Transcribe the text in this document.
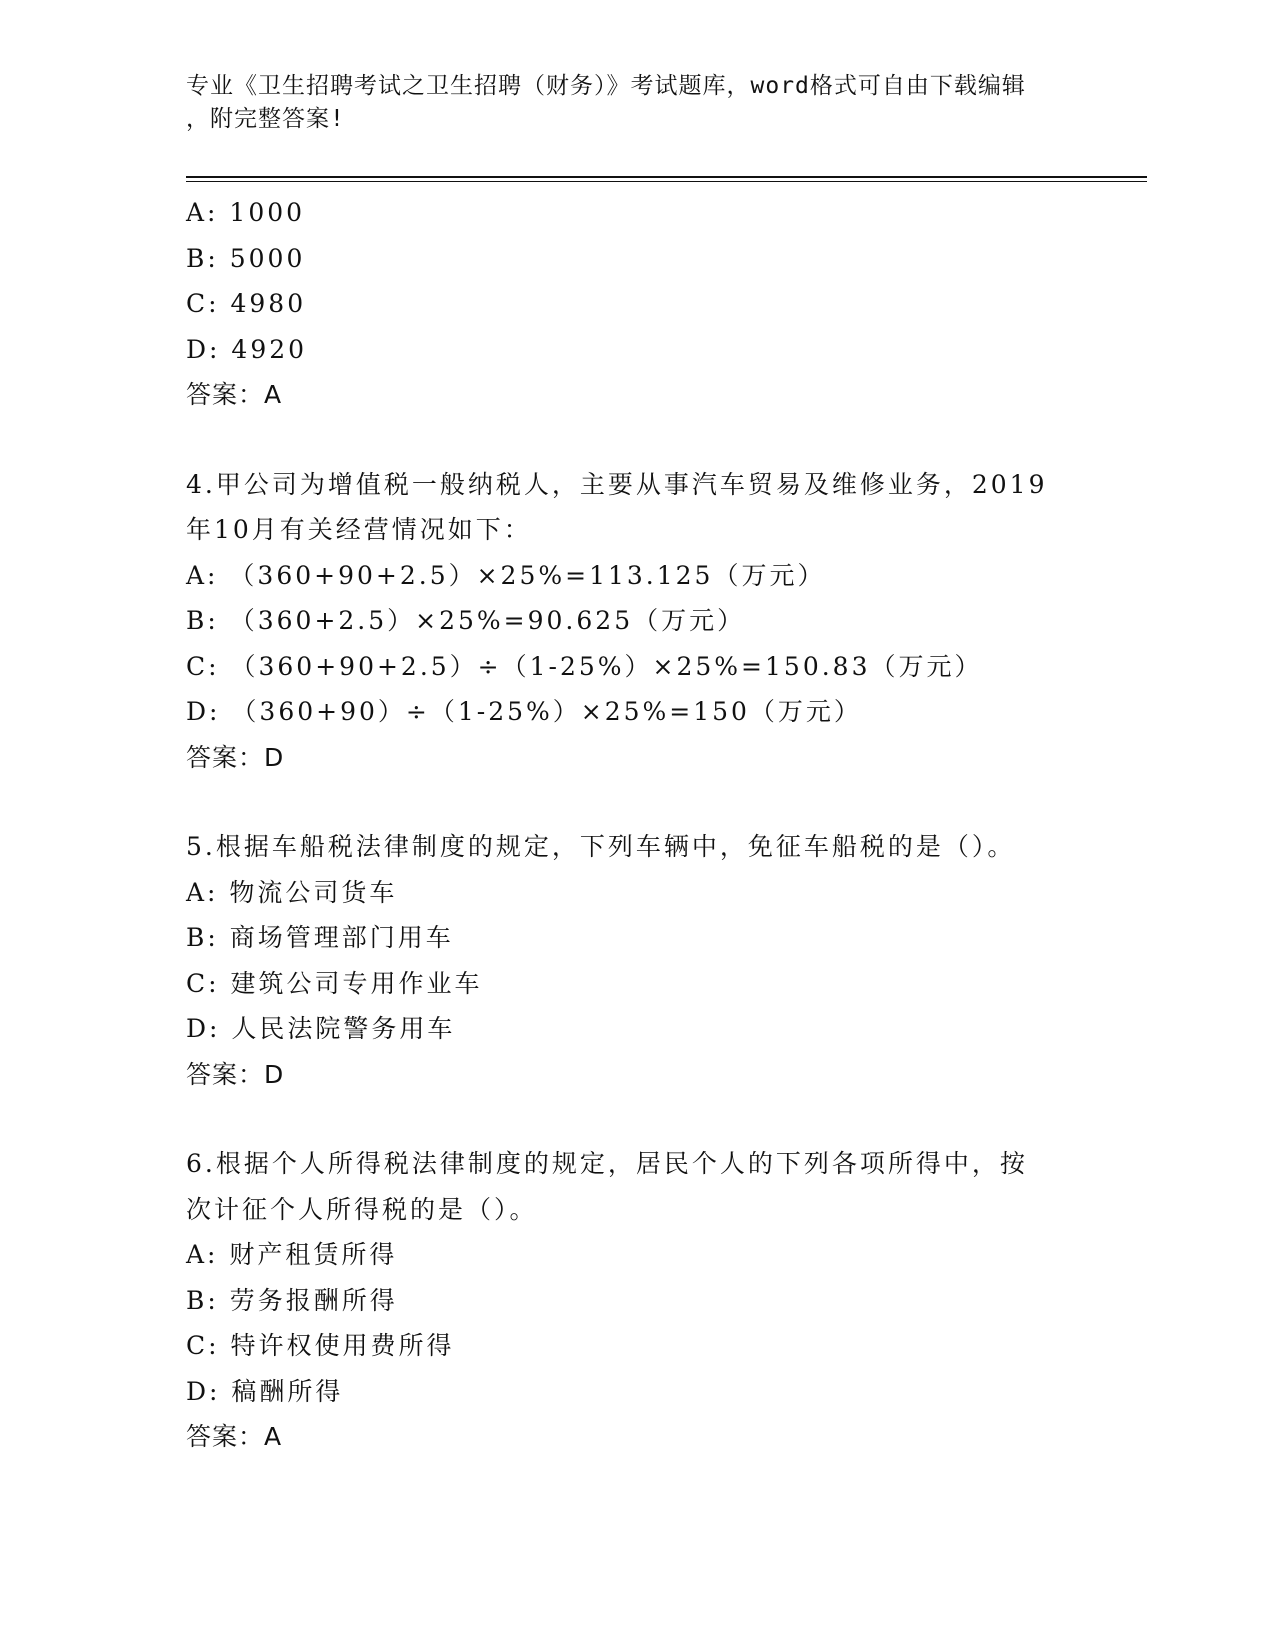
专业《卫生招聘考试之卫生招聘（财务）》考试题库，word格式可自由下载编辑
，附完整答案!
A: 1000
B: 5000
C: 4980
D: 4920
答案：A
4.甲公司为增值税一般纳税人，主要从事汽车贸易及维修业务，2019
年10月有关经营情况如下：
A: （360+90+2.5）×25%=113.125（万元）
B: （360+2.5）×25%=90.625（万元）
C: （360+90+2.5）÷（1-25%）×25%=150.83（万元）
D: （360+90）÷（1-25%）×25%=150（万元）
答案：D
5.根据车船税法律制度的规定，下列车辆中，免征车船税的是（）。
A: 物流公司货车
B: 商场管理部门用车
C: 建筑公司专用作业车
D: 人民法院警务用车
答案：D
6.根据个人所得税法律制度的规定，居民个人的下列各项所得中，按
次计征个人所得税的是（）。
A: 财产租赁所得
B: 劳务报酬所得
C: 特许权使用费所得
D: 稿酬所得
答案：A
